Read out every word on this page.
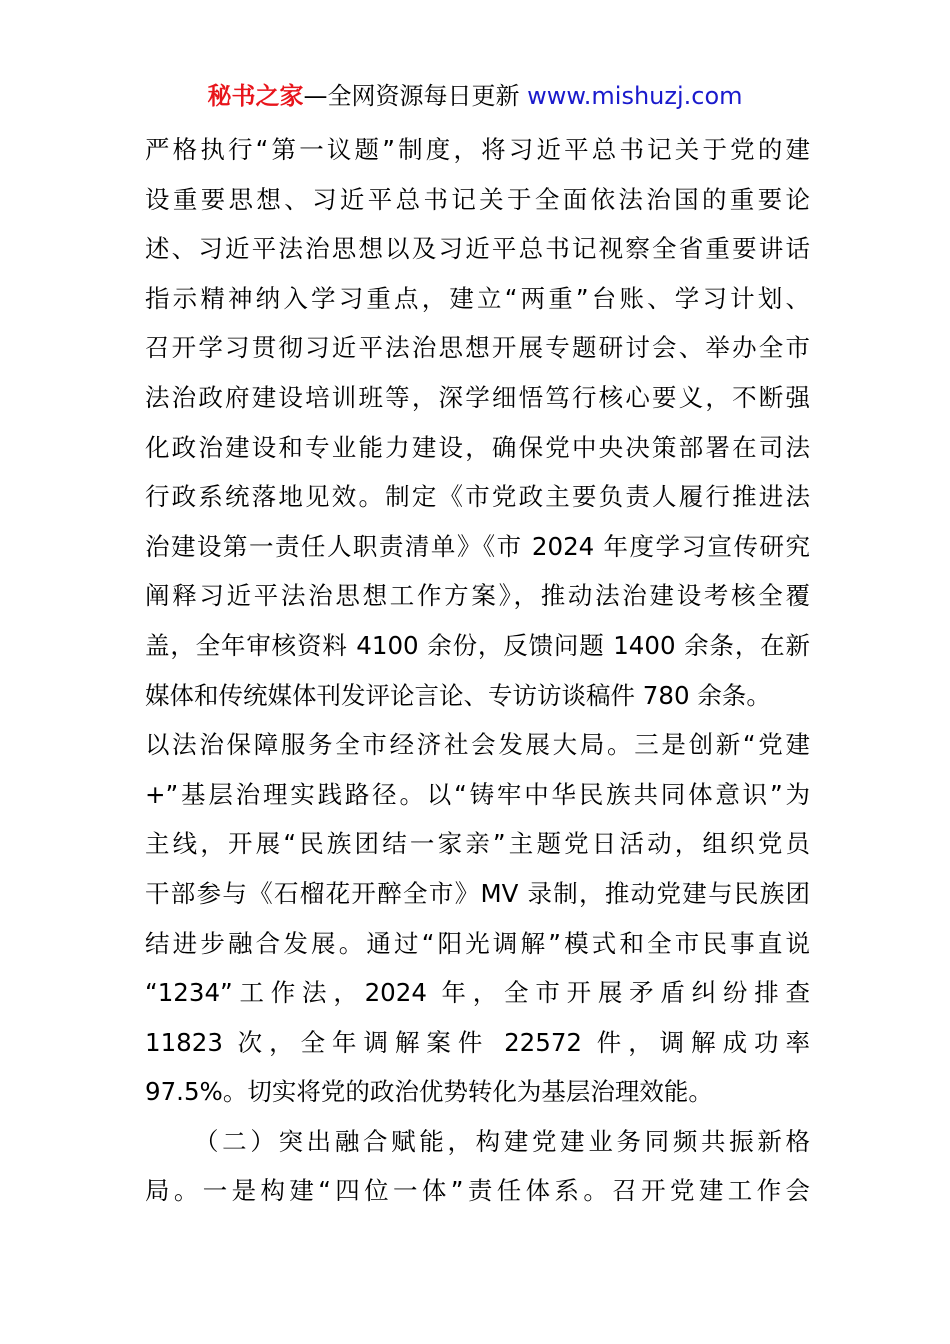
秘书之家—全网资源每日更新 www.mishuzj.com
严格执行“第一议题”制度，将习近平总书记关于党的建
设重要思想、习近平总书记关于全面依法治国的重要论
述、习近平法治思想以及习近平总书记视察全省重要讲话
指示精神纳入学习重点，建立“两重”台账、学习计划、
召开学习贯彻习近平法治思想开展专题研讨会、举办全市
法治政府建设培训班等，深学细悟笃行核心要义，不断强
化政治建设和专业能力建设，确保党中央决策部署在司法
行政系统落地见效。制定《市党政主要负责人履行推进法
治建设第一责任人职责清单》《市 2024 年度学习宣传研究
阐释习近平法治思想工作方案》，推动法治建设考核全覆
盖，全年审核资料 4100 余份，反馈问题 1400 余条，在新
媒体和传统媒体刊发评论言论、专访访谈稿件 780 余条。
以法治保障服务全市经济社会发展大局。三是创新“党建
+”基层治理实践路径。以“铸牢中华民族共同体意识”为
主线，开展“民族团结一家亲”主题党日活动，组织党员
干部参与《石榴花开醉全市》MV 录制，推动党建与民族团
结进步融合发展。通过“阳光调解”模式和全市民事直说
“1234”工作法，2024 年，全市开展矛盾纠纷排查
11823 次，全年调解案件 22572 件，调解成功率
97.5%。切实将党的政治优势转化为基层治理效能。
（二）突出融合赋能，构建党建业务同频共振新格
局。一是构建“四位一体”责任体系。召开党建工作会
